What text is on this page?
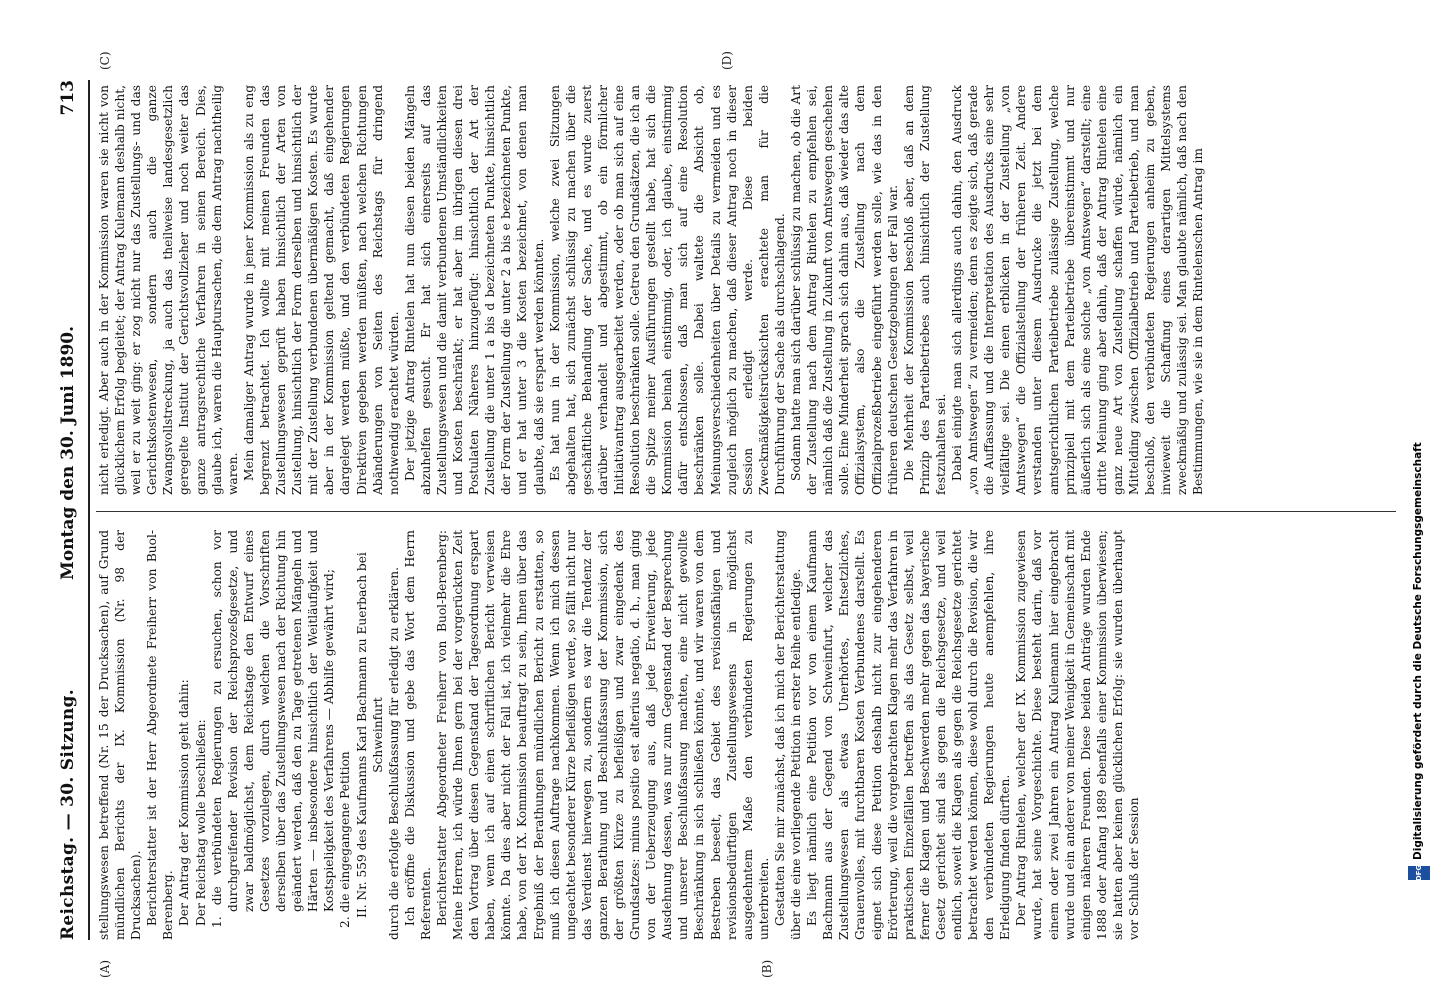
Reichstag. — 30. Sitzung.
Montag den 30. Juni 1890.
713

stellungswesen betreffend (Nr. 15 der Drucksachen), auf Grund mündlichen Berichts der IX. Kommission (Nr. 98 der Drucksachen). Berichterstatter ist der Herr Abgeordnete Freiherr von Buol-Berenberg. Der Antrag der Kommission geht dahin: Der Reichstag wolle beschließen: 1. die verbündeten Regierungen zu ersuchen, schon vor durchgreifender Revision der Reichsprozeßgesetze, und zwar baldmöglichst, dem Reichstage den Entwurf eines Gesetzes vorzulegen, durch welchen die Vorschriften derselben über das Zustellungswesen nach der Richtung hin geändert werden, daß den zu Tage getretenen Mängeln und Härten — insbesondere hinsichtlich der Weitläufigkeit und Kostspieligkeit des Verfahrens — Abhilfe gewährt wird; 2. die eingegangene Petition II. Nr. 559 des Kaufmanns Karl Bachmann zu Euerbach bei Schweinfurt durch die erfolgte Beschlußfassung für erledigt zu erklären. Ich eröffne die Diskussion und gebe das Wort dem Herrn Referenten. Berichterstatter Abgeordneter Freiherr von Buol-Berenberg: Meine Herren, ich würde Ihnen gern bei der vorgerückten Zeit den Vortrag über diesen Gegenstand der Tagesordnung erspart haben, wenn ich auf einen schriftlichen Bericht verweisen könnte. Da dies aber nicht der Fall ist, ich vielmehr die Ehre habe, von der IX. Kommission beauftragt zu sein, Ihnen über das Ergebniß der Berathungen mündlichen Bericht zu erstatten, so muß ich diesen Auftrage nachkommen. Wenn ich mich dessen ungeachtet besonderer Kürze befleißigen werde, so fällt nicht nur das Verdienst hierwegen zu, sondern es war die Tendenz der ganzen Berathung und Beschlußfassung der Kommission, sich der größten Kürze zu befleißigen und zwar eingedenk des Grundsatzes: minus positio est alterius negatio, d. h., man ging von der Ueberzeugung aus, daß jede Erweiterung, jede Ausdehnung dessen, was nur zum Gegenstand der Besprechung und unserer Beschlußfassung machten, eine nicht gewollte Beschränkung in sich schließen könnte, und wir waren von dem Bestreben beseelt, das Gebiet des revisionsfähigen und revisionsbedürftigen Zustellungswesens in möglichst ausgedehntem Maße den verbündeten Regierungen zu unterbreiten. Gestatten Sie mir zunächst, daß ich mich der Berichterstattung über die eine vorliegende Petition in erster Reihe entledige. Es liegt nämlich eine Petition vor von einem Kaufmann Bachmann aus der Gegend von Schweinfurt, welcher das Zustellungswesen als etwas Unerhörtes, Entsetzliches, Grauenvolles, mit furchtbaren Kosten Verbundenes darstellt. Es eignet sich diese Petition deshalb nicht zur eingehenderen Erörterung, weil die vorgebrachten Klagen mehr das Verfahren in praktischen Einzelfällen betreffen als das Gesetz selbst, weil ferner die Klagen und Beschwerden mehr gegen das bayerische Gesetz gerichtet sind als gegen die Reichsgesetze, und weil endlich, soweit die Klagen als gegen die Reichsgesetze gerichtet betrachtet werden können, diese wohl durch die Revision, die wir den verbündeten Regierungen heute anempfehlen, ihre Erledigung finden dürften. Der Antrag Rintelen, welcher der IX. Kommission zugewiesen wurde, hat seine Vorgeschichte. Diese besteht darin, daß vor einem oder zwei Jahren ein Antrag Kulemann hier eingebracht wurde und ein anderer von meiner Wenigkeit in Gemeinschaft mit einigen näheren Freunden. Diese beiden Anträge wurden Ende 1888 oder Anfang 1889 ebenfalls einer Kommission überwiesen; sie hatten aber keinen glücklichen Erfolg: sie wurden überhaupt vor Schluß der Session

nicht erledigt. Aber auch in der Kommission waren sie nicht von glücklichem Erfolg begleitet; der Antrag Kulemann deshalb nicht, weil er zu weit ging: er zog nicht nur das Zustellungs- und das Gerichtskostenwesen, sondern auch die ganze Zwangsvollstreckung, ja auch das theilweise landesgesetzlich geregelte Institut der Gerichtsvollzieher und noch weiter das ganze antragsrechtliche Verfahren in seinen Bereich. Dies, glaube ich, waren die Hauptursachen, die dem Antrag nachtheilig waren. Mein damaliger Antrag wurde in jener Kommission als zu eng begrenzt betrachtet. Ich wollte mit meinen Freunden das Zustellungswesen geprüft haben hinsichtlich der Arten von Zustellung, hinsichtlich der Form derselben und hinsichtlich der mit der Zustellung verbundenen übermäßigen Kosten. Es wurde aber in der Kommission geltend gemacht, daß eingehender dargelegt werden müßte, und den verbündeten Regierungen Direktiven gegeben werden müßten, nach welchen Richtungen Abänderungen von Seiten des Reichstags für dringend nothwendig erachtet würden. Der jetzige Antrag Rintelen hat nun diesen beiden Mängeln abzuhelfen gesucht. Er hat sich einerseits auf das Zustellungswesen und die damit verbundenen Umständlichkeiten und Kosten beschränkt; er hat aber im übrigen diesen drei Postulaten Näheres hinzugefügt: hinsichtlich der Art der Zustellung die unter 1 a bis d bezeichneten Punkte, hinsichtlich der Form der Zustellung die unter 2 a bis e bezeichneten Punkte, und er hat unter 3 die Kosten bezeichnet, von denen man glaubte, daß sie erspart werden könnten. Es hat nun in der Kommission, welche zwei Sitzungen abgehalten hat, sich zunächst schlüssig zu machen über die geschäftliche Behandlung der Sache, und es wurde zuerst darüber verhandelt und abgestimmt, ob ein förmlicher Initiativantrag ausgearbeitet werden, oder ob man sich auf eine Resolution beschränken solle. Getreu den Grundsätzen, die ich an die Spitze meiner Ausführungen gestellt habe, hat sich die Kommission beinah einstimmig, oder, ich glaube, einstimmig dafür entschlossen, daß man sich auf eine Resolution beschränken solle. Dabei waltete die Absicht ob, Meinungsverschiedenheiten über Details zu vermeiden und es zugleich möglich zu machen, daß dieser Antrag noch in dieser Session erledigt werde. Diese beiden Zweckmäßigkeitsrücksichten erachtete man für die Durchführung der Sache als durchschlagend. Sodann hatte man sich darüber schlüssig zu machen, ob die Art der Zustellung nach dem Antrag Rintelen zu empfehlen sei, nämlich daß die Zustellung in Zukunft von Amtswegen geschehen solle. Eine Minderheit sprach sich dahin aus, daß wieder das alte Offizialsystem, also die Zustellung nach dem Offizialprozeßbetriebe eingeführt werden solle, wie das in den früheren deutschen Gesetzgebungen der Fall war. Die Mehrheit der Kommission beschloß aber, daß an dem Prinzip des Parteibetriebes auch hinsichtlich der Zustellung festzuhalten sei. Dabei einigte man sich allerdings auch dahin, den Ausdruck „von Amtswegen“ zu vermeiden; denn es zeigte sich, daß gerade die Auffassung und die Interpretation des Ausdrucks eine sehr vielfältige sei. Die einen erblicken in der Zustellung „von Amtswegen“ die Offizialstellung der früheren Zeit. Andere verstanden unter diesem Ausdrucke die jetzt bei dem amtsgerichtlichen Parteibetriebe zulässige Zustellung, welche prinzipiell mit dem Parteibetriebe übereinstimmt und nur äußerlich sich als eine solche „von Amtswegen“ darstellt; eine dritte Meinung ging aber dahin, daß der Antrag Rintelen eine ganz neue Art von Zustellung schaffen würde, nämlich ein Mittelding zwischen Offizialbetrieb und Parteibetrieb, und man beschloß, den verbündeten Regierungen anheim zu geben, inwieweit die Schaffung eines derartigen Mittelsystems zweckmäßig und zulässig sei. Man glaubte nämlich, daß nach den Bestimmungen, wie sie in dem Rintelenschen Antrag im

(A)	(B)
(C)	(D)
Digitalisierung gefördert durch die Deutsche Forschungsgemeinschaft
DFG
